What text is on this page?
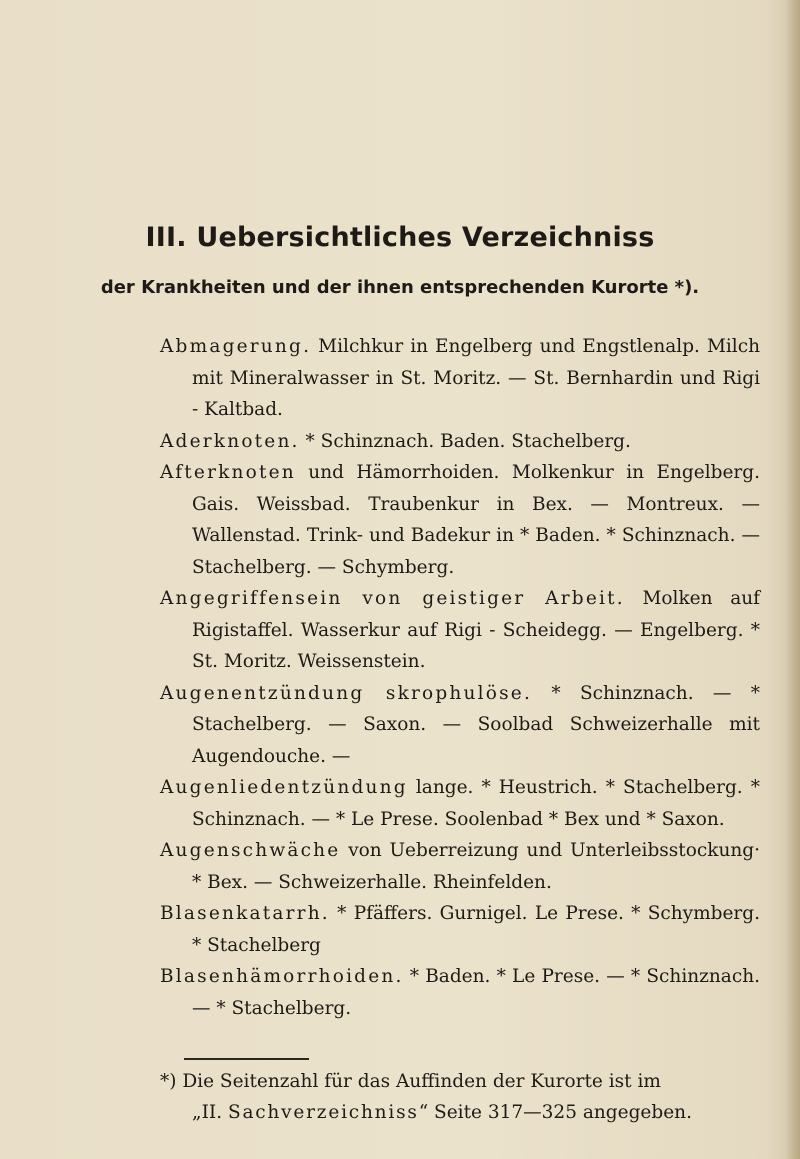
III. Uebersichtliches Verzeichniss
der Krankheiten und der ihnen entsprechenden Kurorte *).
Abmagerung. Milchkur in Engelberg und Engstlenalp. Milch mit Mineralwasser in St. Moritz. — St. Bernhardin und Rigi - Kaltbad.
Aderknoten. * Schinznach. Baden. Stachelberg.
Afterknoten und Hämorrhoiden. Molkenkur in Engelberg. Gais. Weissbad. Traubenkur in Bex. — Montreux. — Wallenstad. Trink- und Badekur in * Baden. * Schinznach. — Stachelberg. — Schymberg.
Angegriffensein von geistiger Arbeit. Molken auf Rigistaffel. Wasserkur auf Rigi - Scheidegg. — Engelberg. * St. Moritz. Weissenstein.
Augenentzündung skrophulöse. * Schinznach. — * Stachelberg. — Saxon. — Soolbad Schweizerhalle mit Augendouche. —
Augenliedentzündung lange. * Heustrich. * Stachelberg. * Schinznach. — * Le Prese. Soolenbad * Bex und * Saxon.
Augenschwäche von Ueberreizung und Unterleibsstockung· * Bex. — Schweizerhalle. Rheinfelden.
Blasenkatarrh. * Pfäffers. Gurnigel. Le Prese. * Schymberg. * Stachelberg
Blasenhämorrhoiden. * Baden. * Le Prese. — * Schinznach. — * Stachelberg.
*) Die Seitenzahl für das Auffinden der Kurorte ist im
„II. Sachverzeichniss“ Seite 317—325 angegeben.
